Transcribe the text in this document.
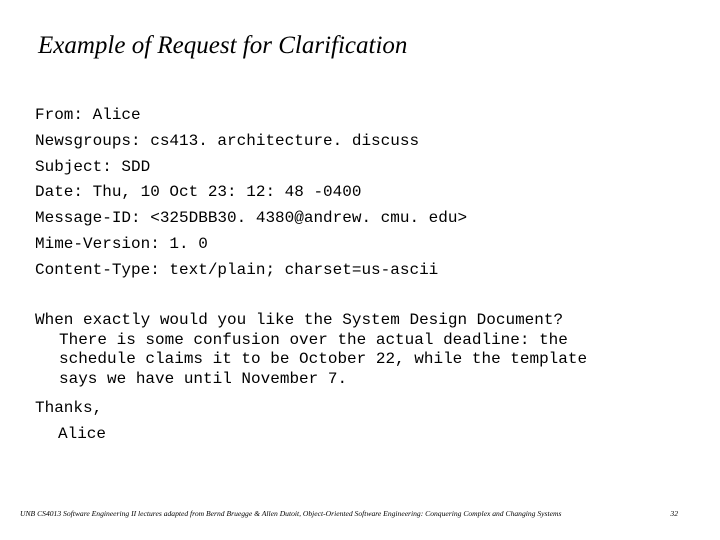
Example of Request for Clarification
From: Alice
Newsgroups: cs413. architecture. discuss
Subject: SDD
Date: Thu, 10 Oct 23: 12: 48 -0400
Message-ID: <325DBB30. 4380@andrew. cmu. edu>
Mime-Version: 1. 0
Content-Type: text/plain; charset=us-ascii
When exactly would you like the System Design Document?
There is some confusion over the actual deadline: the
schedule claims it to be October 22, while the template
says we have until November 7.
Thanks,
Alice
UNB CS4013 Software Engineering II lectures adapted from Bernd Bruegge & Allen Dutoit, Object-Oriented Software Engineering: Conquering Complex and Changing Systems	32
